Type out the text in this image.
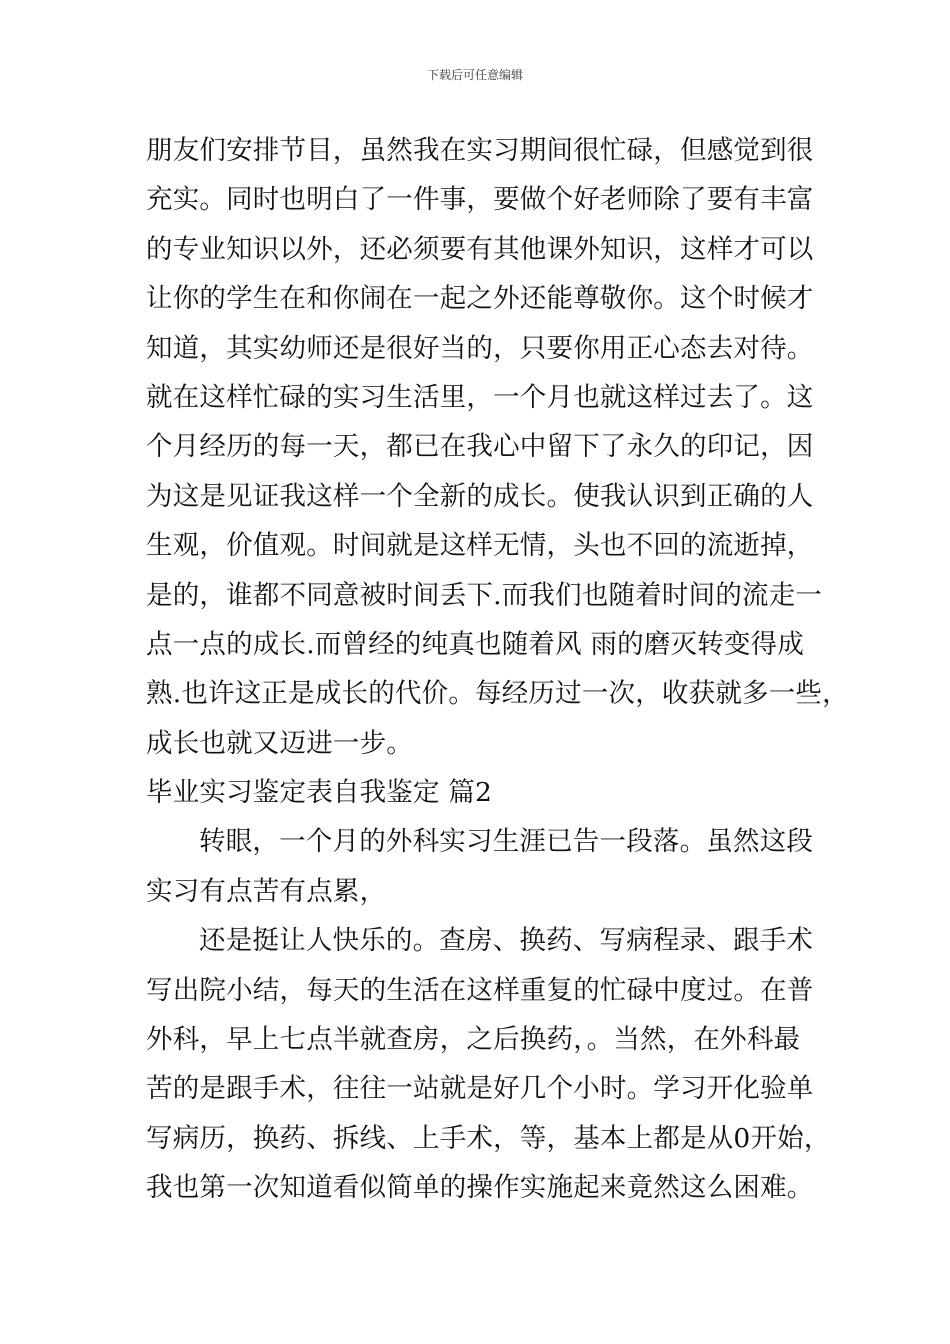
下载后可任意编辑
朋友们安排节目，虽然我在实习期间很忙碌，但感觉到很
充实。同时也明白了一件事，要做个好老师除了要有丰富
的专业知识以外，还必须要有其他课外知识，这样才可以
让你的学生在和你闹在一起之外还能尊敬你。这个时候才
知道，其实幼师还是很好当的，只要你用正心态去对待。
就在这样忙碌的实习生活里，一个月也就这样过去了。这
个月经历的每一天，都已在我心中留下了永久的印记，因
为这是见证我这样一个全新的成长。使我认识到正确的人
生观，价值观。时间就是这样无情，头也不回的流逝掉，
是的，谁都不同意被时间丢下.而我们也随着时间的流走一
点一点的成长.而曾经的纯真也随着风 雨的磨灭转变得成
熟.也许这正是成长的代价。每经历过一次，收获就多一些，
成长也就又迈进一步。
毕业实习鉴定表自我鉴定 篇2
转眼，一个月的外科实习生涯已告一段落。虽然这段
实习有点苦有点累，
还是挺让人快乐的。查房、换药、写病程录、跟手术
写出院小结，每天的生活在这样重复的忙碌中度过。在普
外科，早上七点半就查房，之后换药，。当然，在外科最
苦的是跟手术，往往一站就是好几个小时。学习开化验单
写病历，换药、拆线、上手术，等，基本上都是从0开始，
我也第一次知道看似简单的操作实施起来竟然这么困难。
